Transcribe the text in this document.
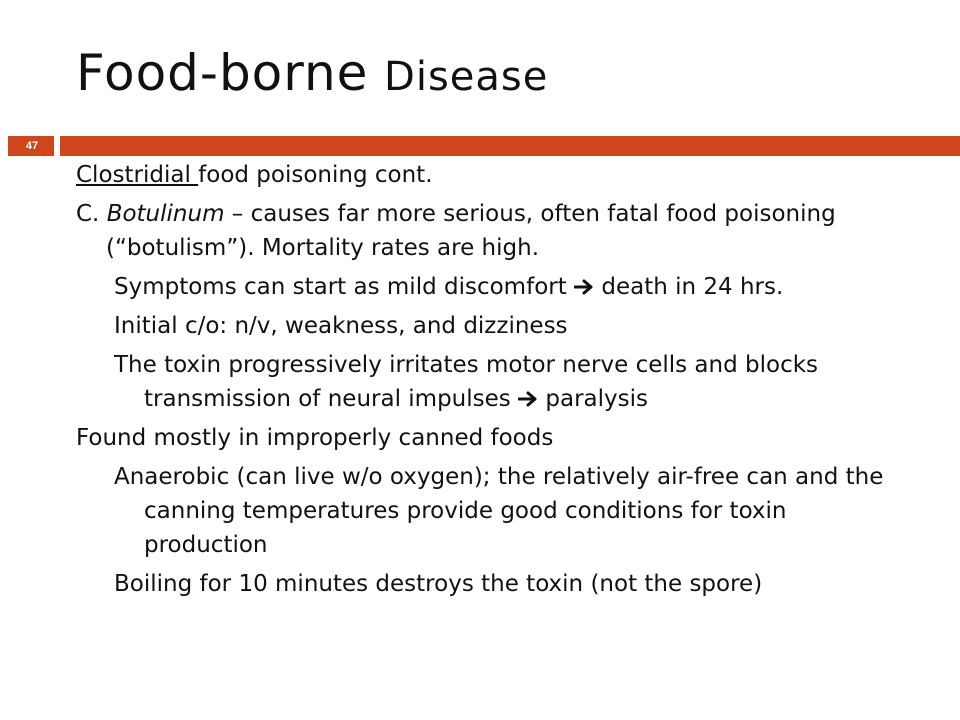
Food-borne Disease
47
Clostridial food poisoning cont.
C. Botulinum – causes far more serious, often fatal food poisoning (“botulism”). Mortality rates are high.
Symptoms can start as mild discomfort  death in 24 hrs.
Initial c/o: n/v, weakness, and dizziness
The toxin progressively irritates motor nerve cells and blocks transmission of neural impulses  paralysis
Found mostly in improperly canned foods
Anaerobic (can live w/o oxygen); the relatively air-free can and the canning temperatures provide good conditions for toxin production
Boiling for 10 minutes destroys the toxin (not the spore)
